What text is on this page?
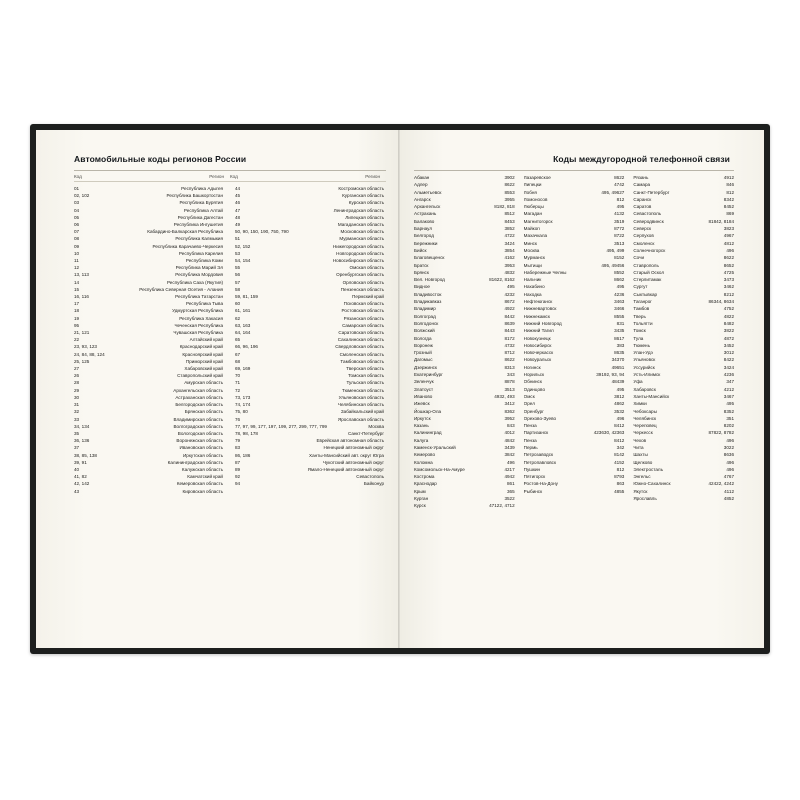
Автомобильные коды регионов России
Код	Регион	Код	Регион
01	Республика Адыгея
02, 102	Республика Башкортостан
03	Республика Бурятия
04	Республика Алтай
05	Республика Дагестан
06	Республика Ингушетия
07	Кабардино-Балкарская Республика
08	Республика Калмыкия
09	Республика Карачаево-Черкесия
10	Республика Карелия
11	Республика Коми
12	Республика Марий Эл
13, 113	Республика Мордовия
14	Республика Саха (Якутия)
15	Республика Северная Осетия - Алания
16, 116	Республика Татарстан
17	Республика Тыва
18	Удмуртская Республика
19	Республика Хакасия
95	Чеченская Республика
21, 121	Чувашская Республика
22	Алтайский край
23, 93, 123	Краснодарский край
24, 84, 88, 124	Красноярский край
25, 125	Приморский край
27	Хабаровский край
26	Ставропольский край
28	Амурская область
29	Архангельская область
30	Астраханская область
31	Белгородская область
32	Брянская область
33	Владимирская область
34, 134	Волгоградская область
35	Вологодская область
36, 136	Воронежская область
37	Ивановская область
38, 85, 138	Иркутская область
39, 91	Калининградская область
40	Калужская область
41, 82	Камчатский край
42, 142	Кемеровская область
43	Кировская область
44	Костромская область
45	Курганская область
46	Курская область
47	Ленинградская область
48	Липецкая область
49	Магаданская область
50, 90, 150, 190, 750, 790	Московская область
51	Мурманская область
52, 152	Нижегородская область
53	Новгородская область
54, 154	Новосибирская область
55	Омская область
56	Оренбургская область
57	Орловская область
58	Пензенская область
59, 81, 159	Пермский край
60	Псковская область
61, 161	Ростовская область
62	Рязанская область
63, 163	Самарская область
64, 164	Саратовская область
65	Сахалинская область
66, 96, 196	Свердловская область
67	Смоленская область
68	Тамбовская область
69, 169	Тверская область
70	Томская область
71	Тульская область
72	Тюменская область
73, 173	Ульяновская область
74, 174	Челябинская область
75, 80	Забайкальский край
76	Ярославская область
77, 97, 99, 177, 197, 199, 277, 299, 777, 799	Москва
78, 98, 178	Санкт-Петербург
79	Еврейская автономная область
83	Ненецкий автономный округ
86, 186	Ханты-Мансийский авт. округ Югра
87	Чукотский автономный округ
89	Ямало-Ненецкий автономный округ
92	Севастополь
94	Байконур
Коды междугородной телефонной связи
Абакан	3902
Адлер	8622
Альметьевск	8553
Ангарск	3955
Архангельск	8182, 818
Астрахань	8512
Балаково	8453
Барнаул	3852
Белгород	4722
Бережники	3424
Бийск	3854
Благовещенск	4162
Братск	3953
Брянск	4832
Вел. Новгород	81622, 8162
Видное	495
Владивосток	4232
Владикавказ	8672
Владимир	4922
Волгоград	8442
Волгодонск	8639
Волжский	8443
Вологда	8172
Воронеж	4732
Грозный	8712
Дагомыс	8622
Дзержинск	8313
Екатеринбург	343
Зеленчук	8878
Златоуст	3513
Иваново	4932, 493
Ижевск	3412
Йошкар-Ола	8362
Иркутск	3952
Казань	843
Калининград	4012
Калуга	4842
Каменск-Уральский	3439
Кемерово	3842
Коломна	496
Комсомольск-На-Амуре	4217
Кострома	4942
Краснодар	861
Крым	365
Курган	3522
Курск	47122, 4712
Лазаревское	8622
Липецки	4742
Лобня	495, 49627
Ломоносов	812
Люберцы	495
Магадан	4132
Магнитогорск	3519
Майкоп	8772
Махачкала	8722
Минск	3513
Москва	495, 499
Мурманск	8152
Мытищи	495, 49456
Набережные Челны	8552
Нальчик	8662
Нахабино	495
Находка	4236
Нефтеюганск	3463
Нижневартовск	3466
Нижнекамск	8555
Нижний Новгород	831
Нижний Тагил	3435
Новокузнецк	8617
Новосибирск	383
Новочеркасск	8635
Новоуральск	34370
Ногинск	49651
Норильск	39192, 93, 94
Обнинск	48439
Одинцово	495
Омск	3812
Орел	4862
Оренбург	3532
Орехово-Зуево	496
Пенза	8412
Партизанск	423630, 42363
Пенза	8412
Пермь	342
Петрозаводск	8142
Петропавловск	4152
Пушкин	812
Пятигорск	8793
Ростов-На-Дону	863
Рыбинск	4855
Рязань	4912
Самара	846
Санкт-Петербург	812
Саранск	8342
Саратов	8452
Севастополь	869
Северодвинск	81842, 8184
Северск	3823
Серпухов	4967
Смоленск	4812
Солнечногорск	496
Сочи	8622
Ставрополь	8652
Старый Оскол	4725
Стерлитамак	3473
Сургут	3462
Сыктывкар	8212
Таганрог	86344, 8634
Тамбов	4752
Тверь	4822
Тольятти	8482
Томск	3822
Тула	4872
Тюмень	3452
Улан-Удэ	3012
Ульяновск	8422
Уссурийск	3424
Усть-Илимск	4236
Уфа	347
Хабаровск	4212
Ханты-Мансийск	3467
Химки	495
Чебоксары	8352
Челябинск	351
Череповец	8202
Черкесск	87822, 8782
Чехов	496
Чита	3022
Шахты	8636
Щелково	496
Электросталь	496
Энгельс	4767
Южно-Сахалинск	42422, 4242
Якутск	4112
Ярославль	4852
